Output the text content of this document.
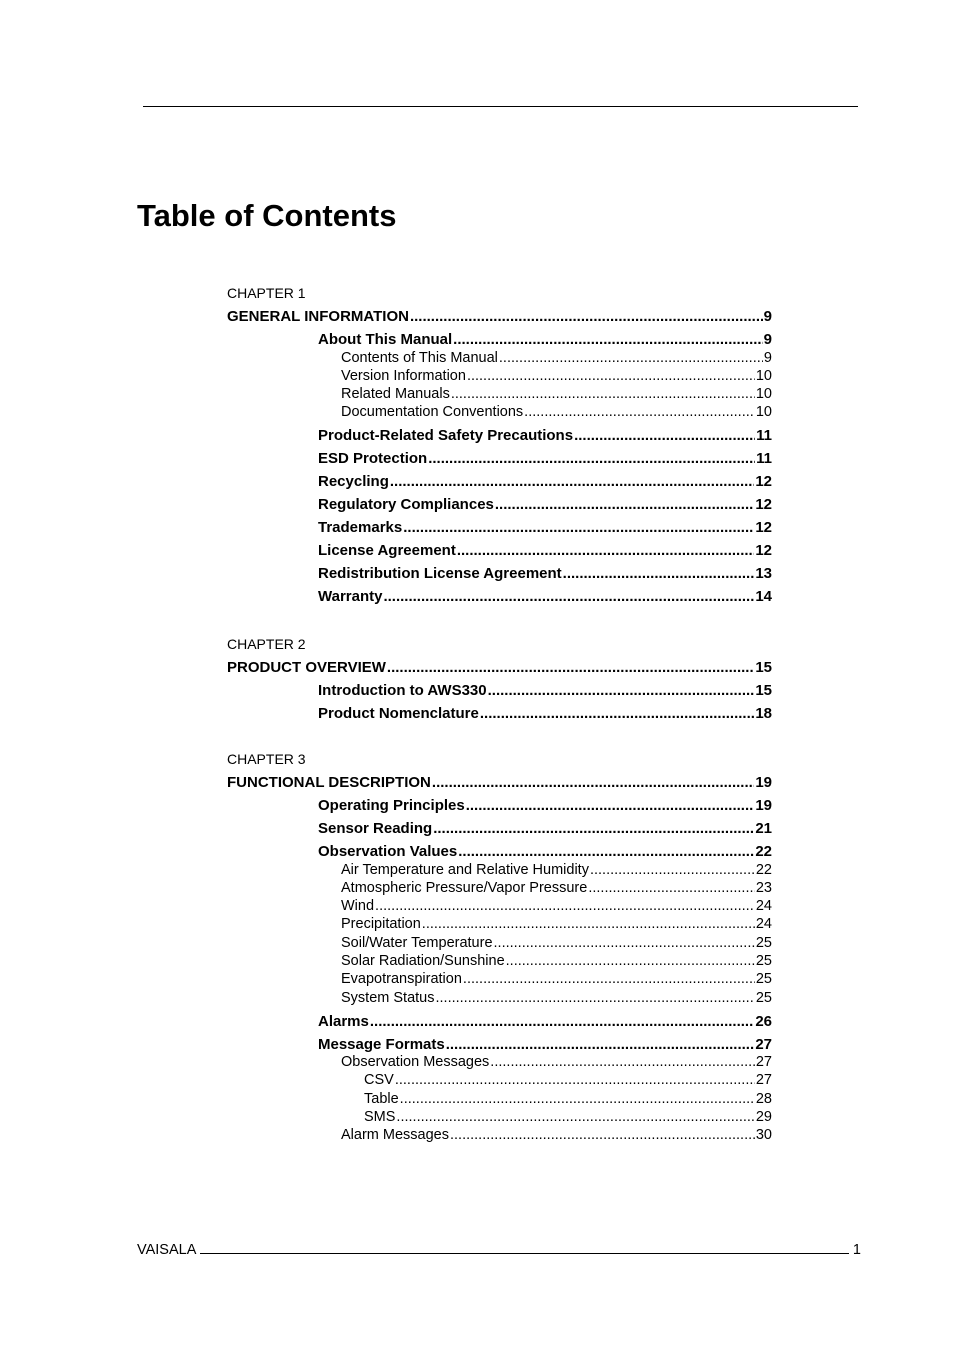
Table of Contents
CHAPTER 1
GENERAL INFORMATION .....	9
About This Manual .....	9
Contents of This Manual .....	9
Version Information .....	10
Related Manuals .....	10
Documentation Conventions .....	10
Product-Related Safety Precautions .....	11
ESD Protection .....	11
Recycling .....	12
Regulatory Compliances .....	12
Trademarks .....	12
License Agreement .....	12
Redistribution License Agreement .....	13
Warranty .....	14
CHAPTER 2
PRODUCT OVERVIEW .....	15
Introduction to AWS330 .....	15
Product Nomenclature .....	18
CHAPTER 3
FUNCTIONAL DESCRIPTION .....	19
Operating Principles .....	19
Sensor Reading .....	21
Observation Values .....	22
Air Temperature and Relative Humidity .....	22
Atmospheric Pressure/Vapor Pressure .....	23
Wind .....	24
Precipitation .....	24
Soil/Water Temperature .....	25
Solar Radiation/Sunshine .....	25
Evapotranspiration .....	25
System Status .....	25
Alarms .....	26
Message Formats .....	27
Observation Messages .....	27
CSV .....	27
Table .....	28
SMS .....	29
Alarm Messages .....	30
VAISALA	1
